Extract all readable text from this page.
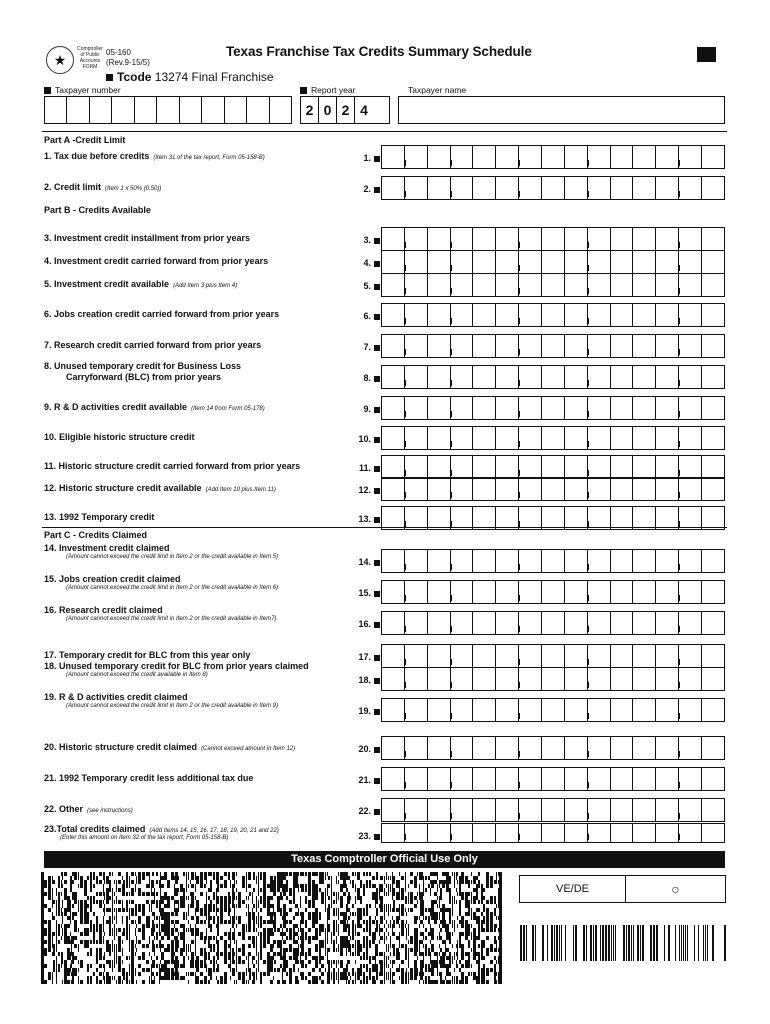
★
Comptroller
of Public
Accounts
FORM
05-160
(Rev.9-15/5)
Texas Franchise Tax Credits Summary Schedule
Tcode 13274 Final Franchise
Taxpayer number	Report year	Taxpayer name
2 0 2 4
Part A -Credit Limit
Part B - Credits Available
Part C - Credits Claimed
1. Tax due before credits (Item 31 of the tax report, Form 05-158-B)	1.
2. Credit limit (Item 1 x 50% (0.50))	2.
3. Investment credit installment from prior years	3.
4. Investment credit carried forward from prior years	4.
5. Investment credit available (Add Item 3 plus Item 4)	5.
6. Jobs creation credit carried forward from prior years	6.
7. Research credit carried forward from prior years	7.
8. Unused temporary credit for Business Loss
Carryforward (BLC) from prior years	8.
9. R & D activities credit available (Item 14 from Form 05-178)	9.
10. Eligible historic structure credit	10.
11. Historic structure credit carried forward from prior years	11.
12. Historic structure credit available (Add Item 10 plus Item 11)	12.
13. 1992 Temporary credit	13.
14. Investment credit claimed
(Amount cannot exceed the credit limit in Item 2 or the credit available in Item 5)	14.
15. Jobs creation credit claimed
(Amount cannot exceed the credit limit in Item 2 or the credit available in Item 6)	15.
16. Research credit claimed
(Amount cannot exceed the credit limit in Item 2 or the credit available in Item7)	16.
17. Temporary credit for BLC from this year only	17.
18. Unused temporary credit for BLC from prior years claimed
(Amount cannot exceed the credit available in Item 8)	18.
19. R & D activities credit claimed
(Amount cannot exceed the credit limit in Item 2 or the credit available in Item 9)	19.
20. Historic structure credit claimed (Cannot exceed amount in Item 12)	20.
21. 1992 Temporary credit less additional tax due	21.
22. Other (see instructions)	22.
23.Total credits claimed (Add Items 14, 15, 16, 17, 18, 19, 20, 21 and 22)
(Enter this amount on Item 32 of the tax report, Form 05-158-B)	23.
Texas Comptroller Official Use Only
VE/DE	○
